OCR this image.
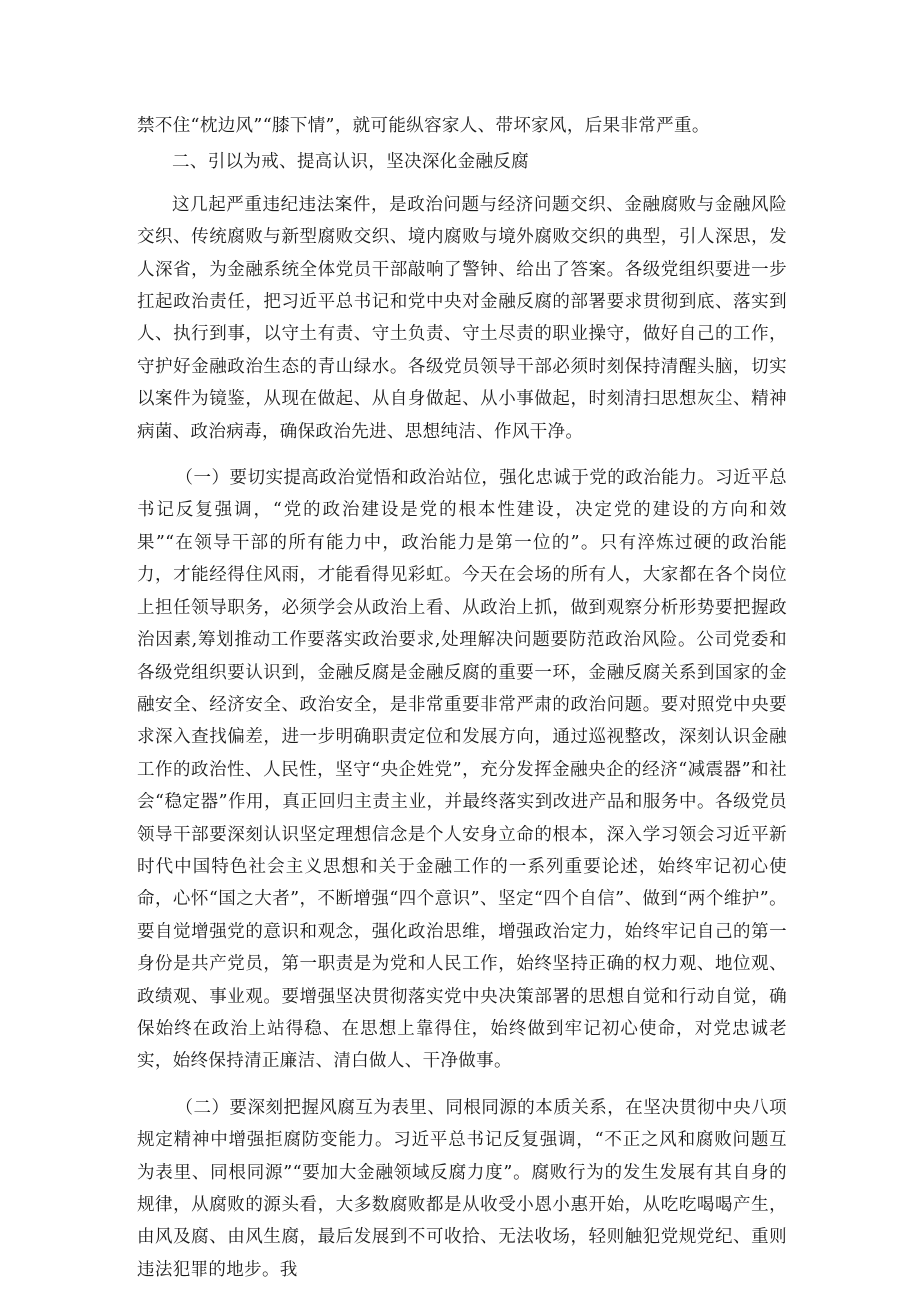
禁不住“枕边风”“膝下情”，就可能纵容家人、带坏家风，后果非常严重。

二、引以为戒、提高认识，坚决深化金融反腐

这几起严重违纪违法案件，是政治问题与经济问题交织、金融腐败与金融风险交织、传统腐败与新型腐败交织、境内腐败与境外腐败交织的典型，引人深思，发人深省，为金融系统全体党员干部敲响了警钟、给出了答案。各级党组织要进一步扛起政治责任，把习近平总书记和党中央对金融反腐的部署要求贯彻到底、落实到人、执行到事，以守土有责、守土负责、守土尽责的职业操守，做好自己的工作，守护好金融政治生态的青山绿水。各级党员领导干部必须时刻保持清醒头脑，切实以案件为镜鉴，从现在做起、从自身做起、从小事做起，时刻清扫思想灰尘、精神病菌、政治病毒，确保政治先进、思想纯洁、作风干净。

（一）要切实提高政治觉悟和政治站位，强化忠诚于党的政治能力。习近平总书记反复强调，“党的政治建设是党的根本性建设，决定党的建设的方向和效果”“在领导干部的所有能力中，政治能力是第一位的”。只有淬炼过硬的政治能力，才能经得住风雨，才能看得见彩虹。今天在会场的所有人，大家都在各个岗位上担任领导职务，必须学会从政治上看、从政治上抓，做到观察分析形势要把握政治因素,筹划推动工作要落实政治要求,处理解决问题要防范政治风险。公司党委和各级党组织要认识到，金融反腐是金融反腐的重要一环，金融反腐关系到国家的金融安全、经济安全、政治安全，是非常重要非常严肃的政治问题。要对照党中央要求深入查找偏差，进一步明确职责定位和发展方向，通过巡视整改，深刻认识金融工作的政治性、人民性，坚守“央企姓党”，充分发挥金融央企的经济“减震器”和社会“稳定器”作用，真正回归主责主业，并最终落实到改进产品和服务中。各级党员领导干部要深刻认识坚定理想信念是个人安身立命的根本，深入学习领会习近平新时代中国特色社会主义思想和关于金融工作的一系列重要论述，始终牢记初心使命，心怀“国之大者”，不断增强“四个意识”、坚定“四个自信”、做到“两个维护”。要自觉增强党的意识和观念，强化政治思维，增强政治定力，始终牢记自己的第一身份是共产党员，第一职责是为党和人民工作，始终坚持正确的权力观、地位观、政绩观、事业观。要增强坚决贯彻落实党中央决策部署的思想自觉和行动自觉，确保始终在政治上站得稳、在思想上靠得住，始终做到牢记初心使命，对党忠诚老实，始终保持清正廉洁、清白做人、干净做事。

（二）要深刻把握风腐互为表里、同根同源的本质关系，在坚决贯彻中央八项规定精神中增强拒腐防变能力。习近平总书记反复强调，“不正之风和腐败问题互为表里、同根同源”“要加大金融领域反腐力度”。腐败行为的发生发展有其自身的规律，从腐败的源头看，大多数腐败都是从收受小恩小惠开始，从吃吃喝喝产生，由风及腐、由风生腐，最后发展到不可收拾、无法收场，轻则触犯党规党纪、重则违法犯罪的地步。我
